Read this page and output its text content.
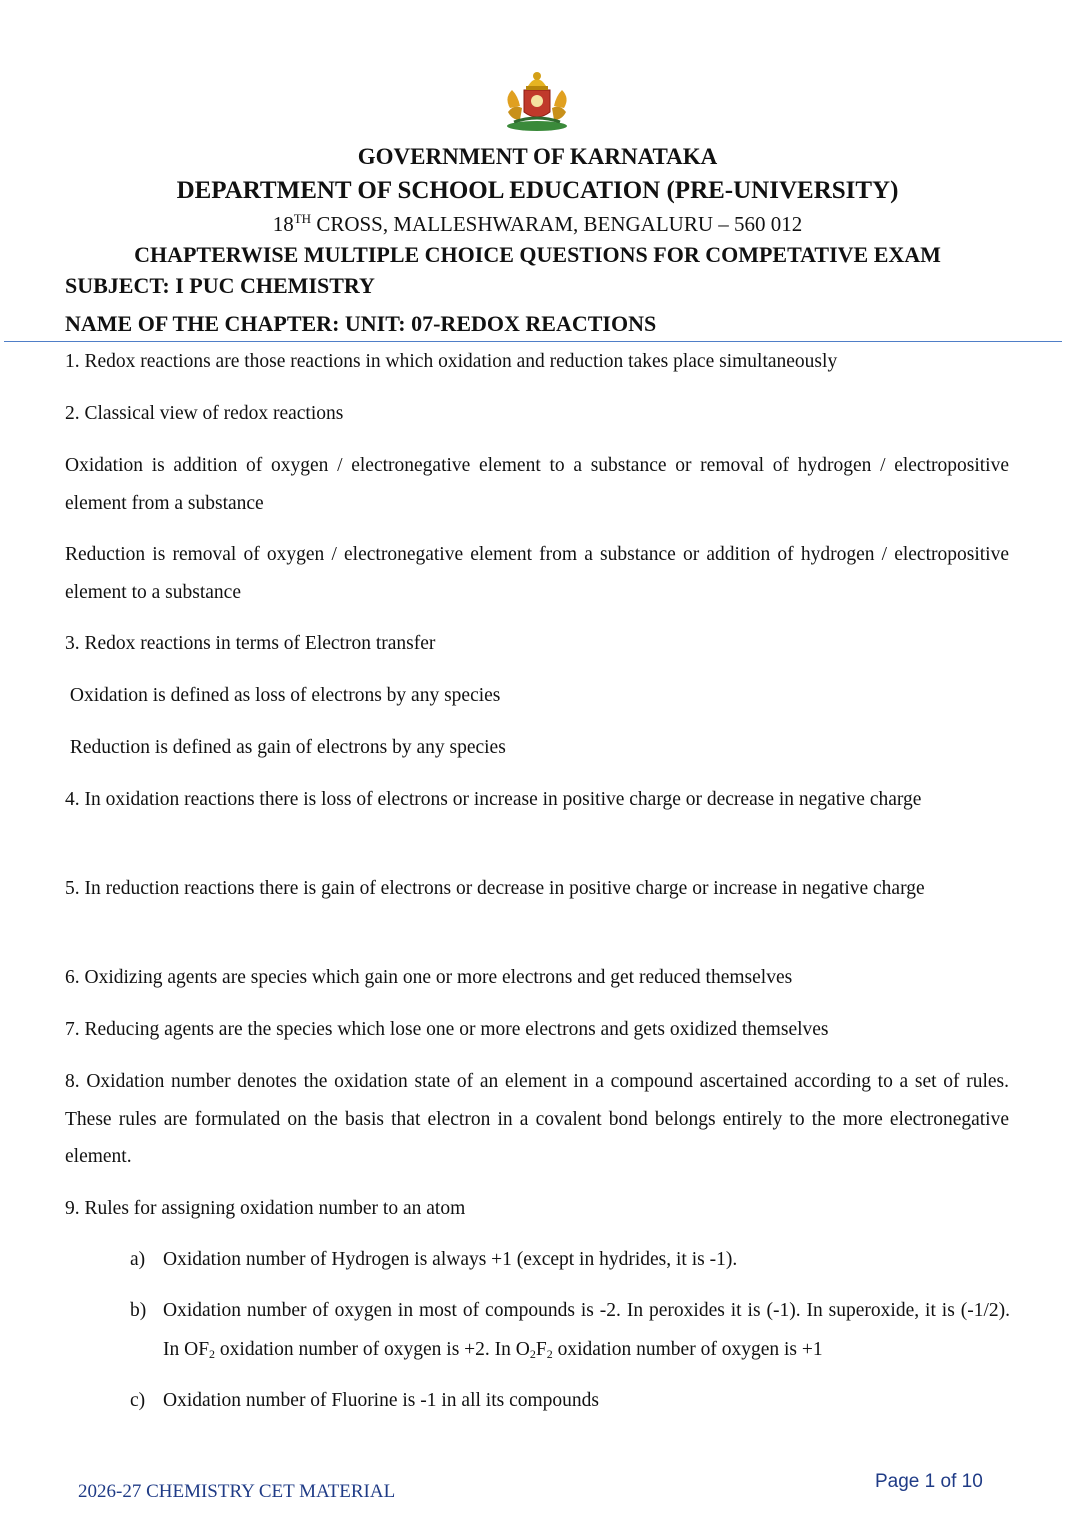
GOVERNMENT OF KARNATAKA
DEPARTMENT OF SCHOOL EDUCATION (PRE-UNIVERSITY)
18TH CROSS, MALLESHWARAM, BENGALURU – 560 012
CHAPTERWISE MULTIPLE CHOICE QUESTIONS FOR COMPETATIVE EXAM
SUBJECT: I PUC CHEMISTRY
NAME OF THE CHAPTER: UNIT: 07-REDOX REACTIONS

1. Redox reactions are those reactions in which oxidation and reduction takes place simultaneously

2. Classical view of redox reactions

Oxidation is addition of oxygen / electronegative element to a substance or removal of hydrogen / electropositive element from a substance

Reduction is removal of oxygen / electronegative element from a substance or addition of hydrogen / electropositive element to a substance

3. Redox reactions in terms of Electron transfer

Oxidation is defined as loss of electrons by any species

Reduction is defined as gain of electrons by any species

4. In oxidation reactions there is loss of electrons or increase in positive charge or decrease in negative charge

5. In reduction reactions there is gain of electrons or decrease in positive charge or increase in negative charge

6. Oxidizing agents are species which gain one or more electrons and get reduced themselves

7. Reducing agents are the species which lose one or more electrons and gets oxidized themselves

8. Oxidation number denotes the oxidation state of an element in a compound ascertained according to a set of rules. These rules are formulated on the basis that electron in a covalent bond belongs entirely to the more electronegative element.

9. Rules for assigning oxidation number to an atom

a) Oxidation number of Hydrogen is always +1 (except in hydrides, it is -1).
b) Oxidation number of oxygen in most of compounds is -2. In peroxides it is (-1). In superoxide, it is (-1/2). In $OF_2$ oxidation number of oxygen is +2. In $O_2F_2$ oxidation number of oxygen is +1
c) Oxidation number of Fluorine is -1 in all its compounds
2026-27 CHEMISTRY CET MATERIAL	Page 1 of 10
